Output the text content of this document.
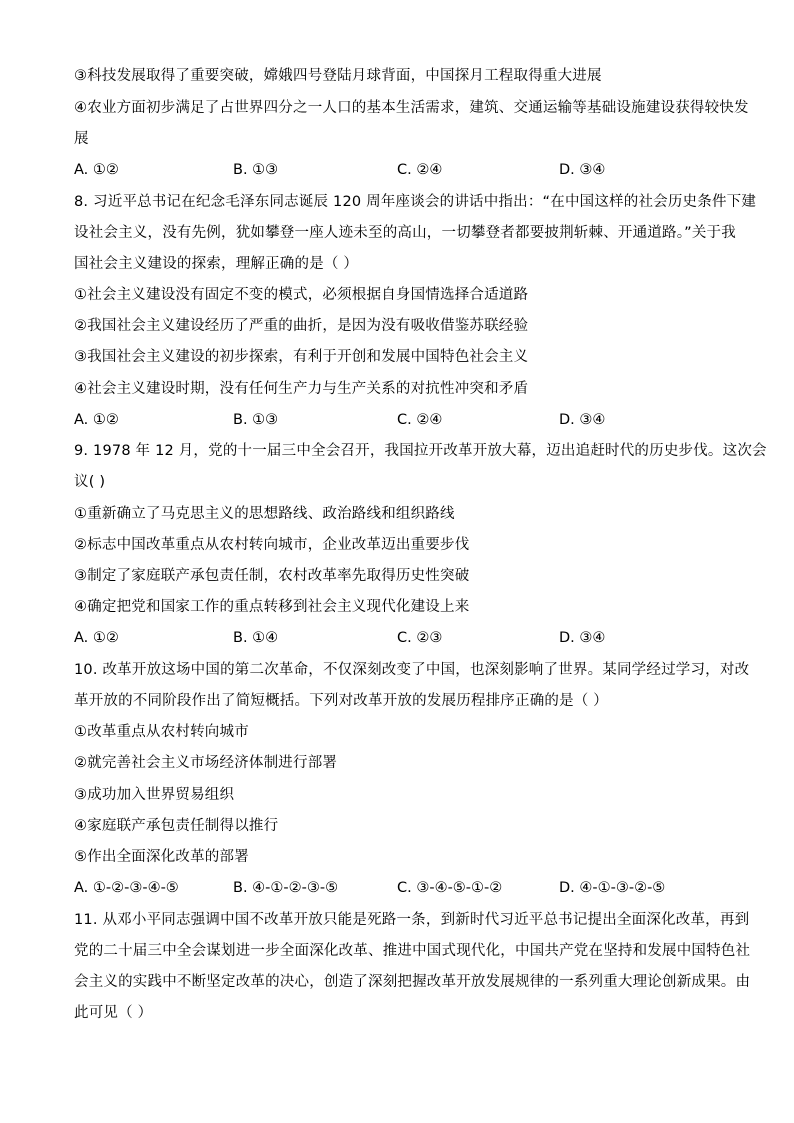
③科技发展取得了重要突破，嫦娥四号登陆月球背面，中国探月工程取得重大进展
④农业方面初步满足了占世界四分之一人口的基本生活需求，建筑、交通运输等基础设施建设获得较快发
展
A. ①②	B. ①③	C. ②④	D. ③④
8. 习近平总书记在纪念毛泽东同志诞辰 120 周年座谈会的讲话中指出：“在中国这样的社会历史条件下建
设社会主义，没有先例，犹如攀登一座人迹未至的高山，一切攀登者都要披荆斩棘、开通道路。”关于我
国社会主义建设的探索，理解正确的是（ ）
①社会主义建设没有固定不变的模式，必须根据自身国情选择合适道路
②我国社会主义建设经历了严重的曲折，是因为没有吸收借鉴苏联经验
③我国社会主义建设的初步探索，有利于开创和发展中国特色社会主义
④社会主义建设时期，没有任何生产力与生产关系的对抗性冲突和矛盾
A. ①②	B. ①③	C. ②④	D. ③④
9. 1978 年 12 月，党的十一届三中全会召开，我国拉开改革开放大幕，迈出追赶时代的历史步伐。这次会
议( )
①重新确立了马克思主义的思想路线、政治路线和组织路线
②标志中国改革重点从农村转向城市，企业改革迈出重要步伐
③制定了家庭联产承包责任制，农村改革率先取得历史性突破
④确定把党和国家工作的重点转移到社会主义现代化建设上来
A. ①②	B. ①④	C. ②③	D. ③④
10. 改革开放这场中国的第二次革命，不仅深刻改变了中国，也深刻影响了世界。某同学经过学习，对改
革开放的不同阶段作出了简短概括。下列对改革开放的发展历程排序正确的是（ ）
①改革重点从农村转向城市
②就完善社会主义市场经济体制进行部署
③成功加入世界贸易组织
④家庭联产承包责任制得以推行
⑤作出全面深化改革的部署
A. ①-②-③-④-⑤	B. ④-①-②-③-⑤	C. ③-④-⑤-①-②	D. ④-①-③-②-⑤
11. 从邓小平同志强调中国不改革开放只能是死路一条，到新时代习近平总书记提出全面深化改革，再到
党的二十届三中全会谋划进一步全面深化改革、推进中国式现代化，中国共产党在坚持和发展中国特色社
会主义的实践中不断坚定改革的决心，创造了深刻把握改革开放发展规律的一系列重大理论创新成果。由
此可见（ ）
